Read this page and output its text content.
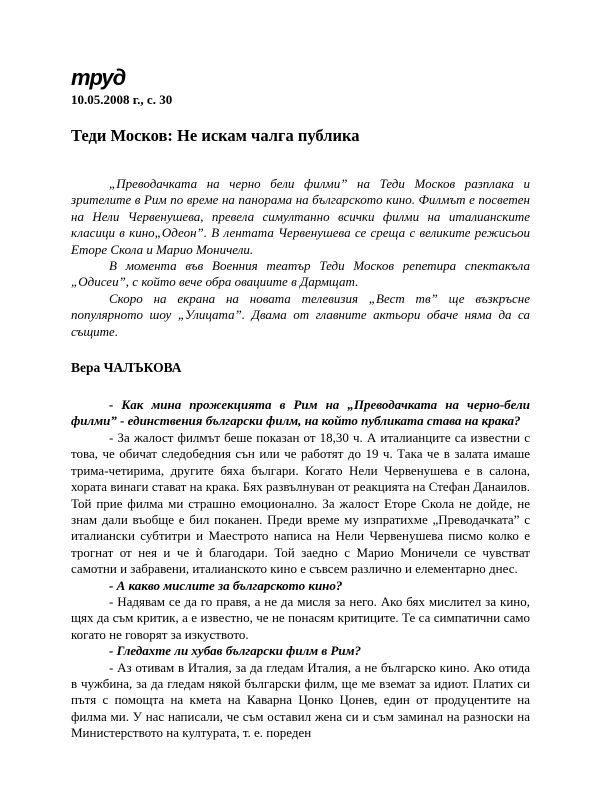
труд
10.05.2008 г., с. 30
Теди Москов: Не искам чалга публика

„Преводачката на черно бели филми” на Теди Москов разплака и зрителите в Рим по време на панорама на българското кино. Филмът е посветен на Нели Червенушева, превела симултанно всички филми на италианските класици в кино„Одеон”. В лентата Червенушева се среща с великите режисьои Еторе Скола и Марио Моничели.

В момента във Военния театър Теди Москов репетира спектакъла „Одисеи”, с който вече обра овациите в Дармщат.

Скоро на екрана на новата телевизия „Вест тв” ще възкръсне популярното шоу „Улицата”. Двама от главните актьори обаче няма да са същите.

Вера ЧАЛЪКОВА

- Как мина прожекцията в Рим на „Преводачката на черно-бели филми” - единствения български филм, на който публиката става на крака?

- За жалост филмът беше показан от 18,30 ч. А италианците са известни с това, че обичат следобедния сън или че работят до 19 ч. Така че в залата имаше трима-четирима, другите бяха българи. Когато Нели Червенушева е в салона, хората винаги стават на крака. Бях развълнуван от реакцията на Стефан Данаилов. Той прие филма ми страшно емоционално. За жалост Еторе Скола не дойде, не знам дали въобще е бил поканен. Преди време му изпратихме „Преводачката” с италиански субтитри и Маестрото написа на Нели Червенушева писмо колко е трогнат от нея и че ѝ благодари. Той заедно с Марио Моничели се чувстват самотни и забравени, италианското кино е съвсем различно и елементарно днес.

- А какво мислите за българското кино?

- Надявам се да го правя, а не да мисля за него. Ако бях мислител за кино, щях да съм критик, а е известно, че не понасям критиците. Те са симпатични само когато не говорят за изкуството.

- Гледахте ли хубав български филм в Рим?

- Аз отивам в Италия, за да гледам Италия, а не българско кино. Ако отида в чужбина, за да гледам някой български филм, ще ме вземат за идиот. Платих си пътя с помощта на кмета на Каварна Цонко Цонев, един от продуцентите на филма ми. У нас написали, че съм оставил жена си и съм заминал на разноски на Министерството на културата, т. е. пореден
